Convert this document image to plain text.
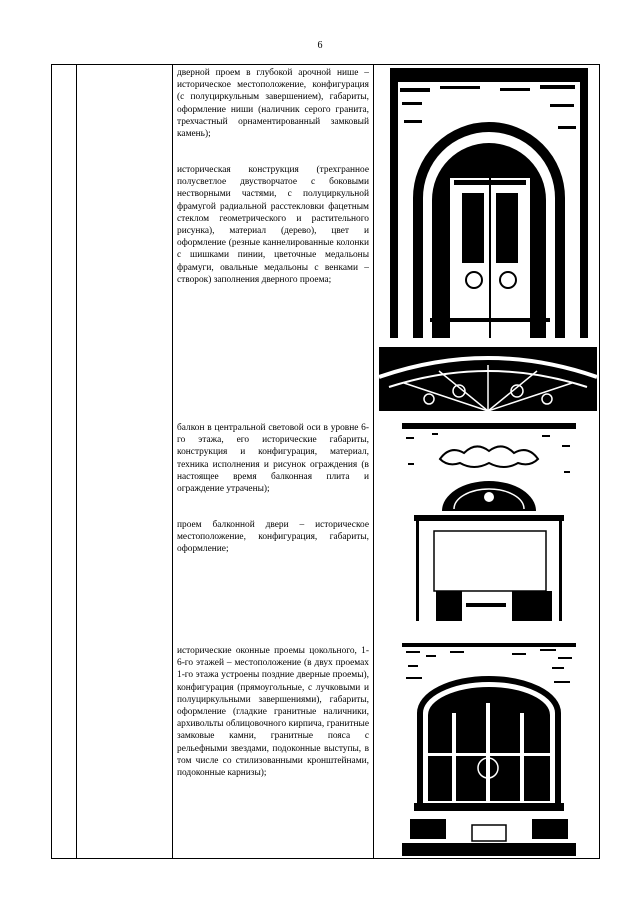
6

дверной проем в глубокой арочной нише – историческое местоположение, конфигурация (с полуциркульным завершением), габариты, оформление ниши (наличник серого гранита, трехчастный орнаментированный замковый камень);
историческая конструкция (трехгранное полусветлое двустворчатое с боковыми нестворными частями, с полуциркульной фрамугой радиальной расстекловки фацетным стеклом геометрического и растительного рисунка), материал (дерево), цвет и оформление (резные каннелированные колонки с шишками пинии, цветочные медальоны фрамуги, овальные медальоны с венками – створок) заполнения дверного проема;
балкон в центральной световой оси в уровне 6-го этажа, его исторические габариты, конструкция и конфигурация, материал, техника исполнения и рисунок ограждения (в настоящее время балконная плита и ограждение утрачены);
проем балконной двери – историческое местоположение, конфигурация, габариты, оформление;
исторические оконные проемы цокольного, 1-6-го этажей – местоположение (в двух проемах 1-го этажа устроены поздние дверные проемы), конфигурация (прямоугольные, с лучковыми и полуциркульными завершениями), габариты, оформление (гладкие гранитные наличники, архивольты облицовочного кирпича, гранитные замковые камни, гранитные пояса с рельефными звездами, подоконные выступы, в том числе со стилизованными кронштейнами, подоконные карнизы);
